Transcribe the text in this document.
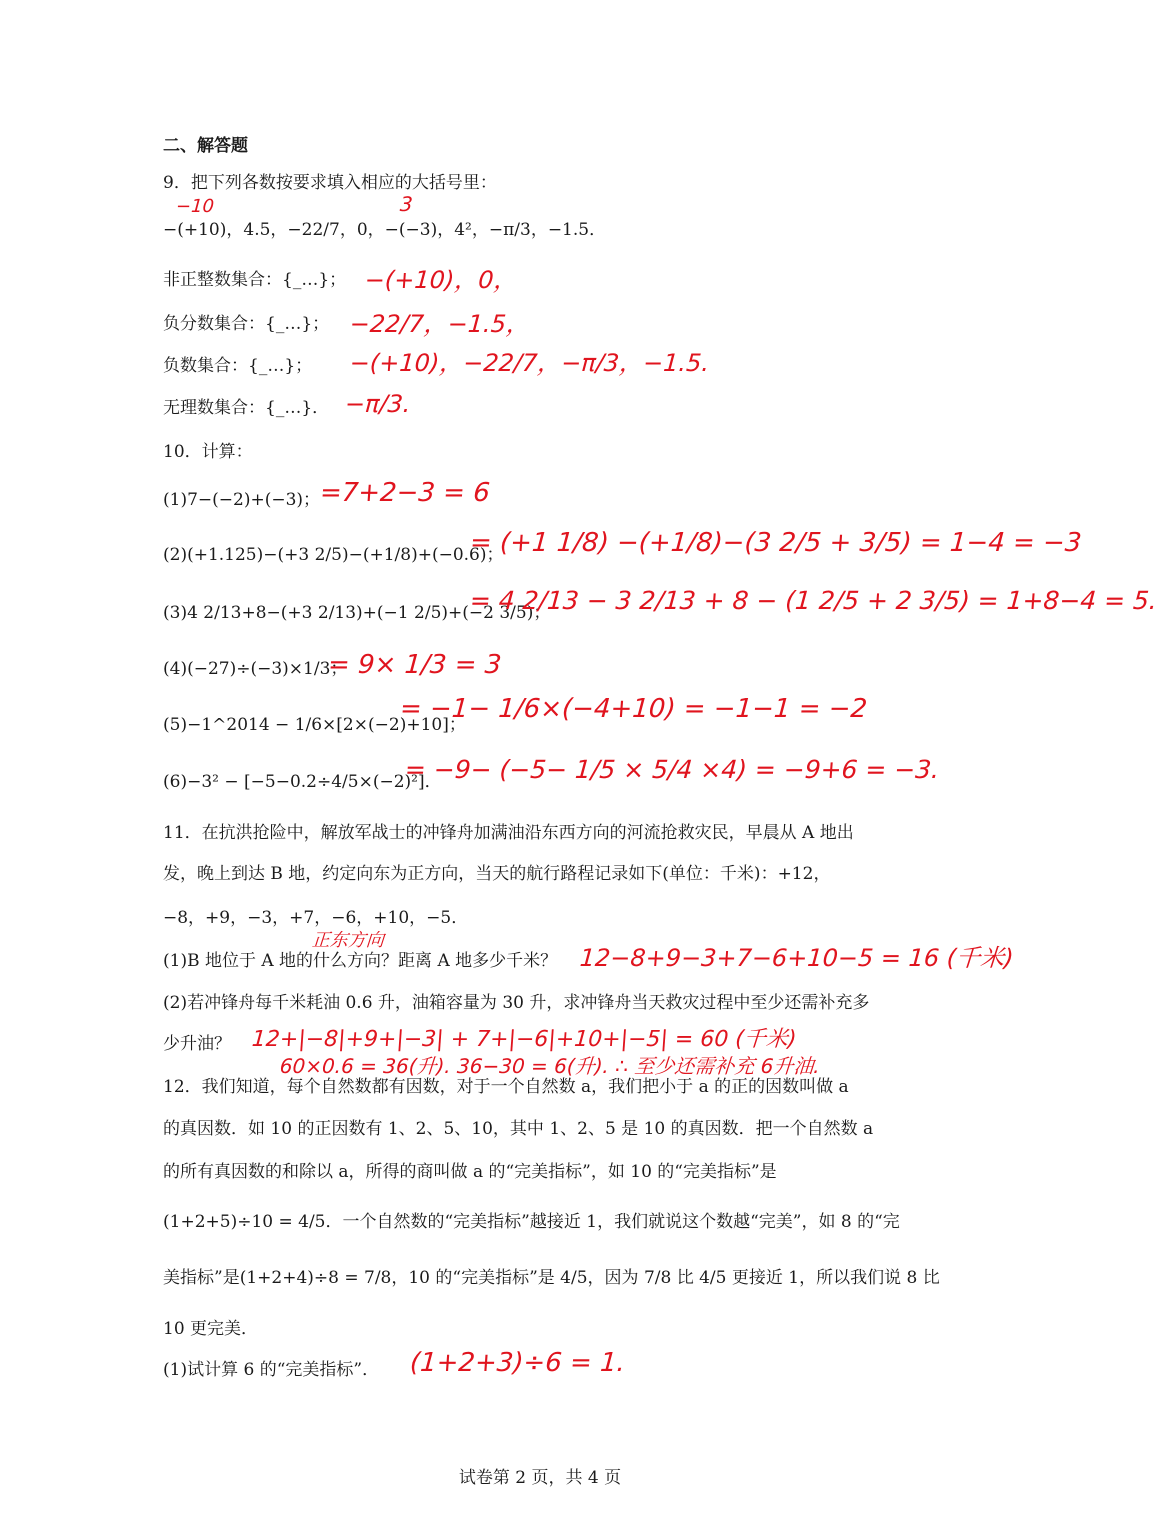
二、解答题
9．把下列各数按要求填入相应的大括号里：
−10	3
−(+10)，4.5，−22/7，0，−(−3)，4²，−π/3，−1.5．
非正整数集合：{_…}； −(+10)，0，
负分数集合：{_…}； −22/7，−1.5，
负数集合：{_…}； −(+10)，−22/7，−π/3，−1.5.
无理数集合：{_…}． −π/3.
10．计算：
(1)7−(−2)+(−3)；
=7+2−3 = 6
(2)(+1.125)−(+3 2/5)−(+1/8)+(−0.6)；
= (+1 1/8) −(+1/8)−(3 2/5 + 3/5) = 1−4 = −3
(3)4 2/13+8−(+3 2/13)+(−1 2/5)+(−2 3/5)；
= 4 2/13 − 3 2/13 + 8 − (1 2/5 + 2 3/5) = 1+8−4 = 5.
(4)(−27)÷(−3)×1/3；
= 9× 1/3 = 3
(5)−1^2014 − 1/6×[2×(−2)+10]；
= −1− 1/6×(−4+10) = −1−1 = −2
(6)−3² − [−5−0.2÷4/5×(−2)²]．
= −9− (−5− 1/5 × 5/4 ×4) = −9+6 = −3.
11．在抗洪抢险中，解放军战士的冲锋舟加满油沿东西方向的河流抢救灾民，早晨从 A 地出
发，晚上到达 B 地，约定向东为正方向，当天的航行路程记录如下(单位：千米)：+12，
−8，+9，−3，+7，−6，+10，−5．
正东方向
(1)B 地位于 A 地的什么方向？距离 A 地多少千米？ 12−8+9−3+7−6+10−5 = 16 (千米)
(2)若冲锋舟每千米耗油 0.6 升，油箱容量为 30 升，求冲锋舟当天救灾过程中至少还需补充多
少升油？ 12+|−8|+9+|−3| + 7+|−6|+10+|−5| = 60 (千米)
60×0.6 = 36(升). 36−30 = 6(升). ∴ 至少还需补充 6升油.
12．我们知道，每个自然数都有因数，对于一个自然数 a，我们把小于 a 的正的因数叫做 a
的真因数．如 10 的正因数有 1、2、5、10，其中 1、2、5 是 10 的真因数．把一个自然数 a
的所有真因数的和除以 a，所得的商叫做 a 的“完美指标”，如 10 的“完美指标”是
(1+2+5)÷10 = 4/5．一个自然数的“完美指标”越接近 1，我们就说这个数越“完美”，如 8 的“完
美指标”是(1+2+4)÷8 = 7/8，10 的“完美指标”是 4/5，因为 7/8 比 4/5 更接近 1，所以我们说 8 比
10 更完美．
(1)试计算 6 的“完美指标”． (1+2+3)÷6 = 1.
试卷第 2 页，共 4 页
